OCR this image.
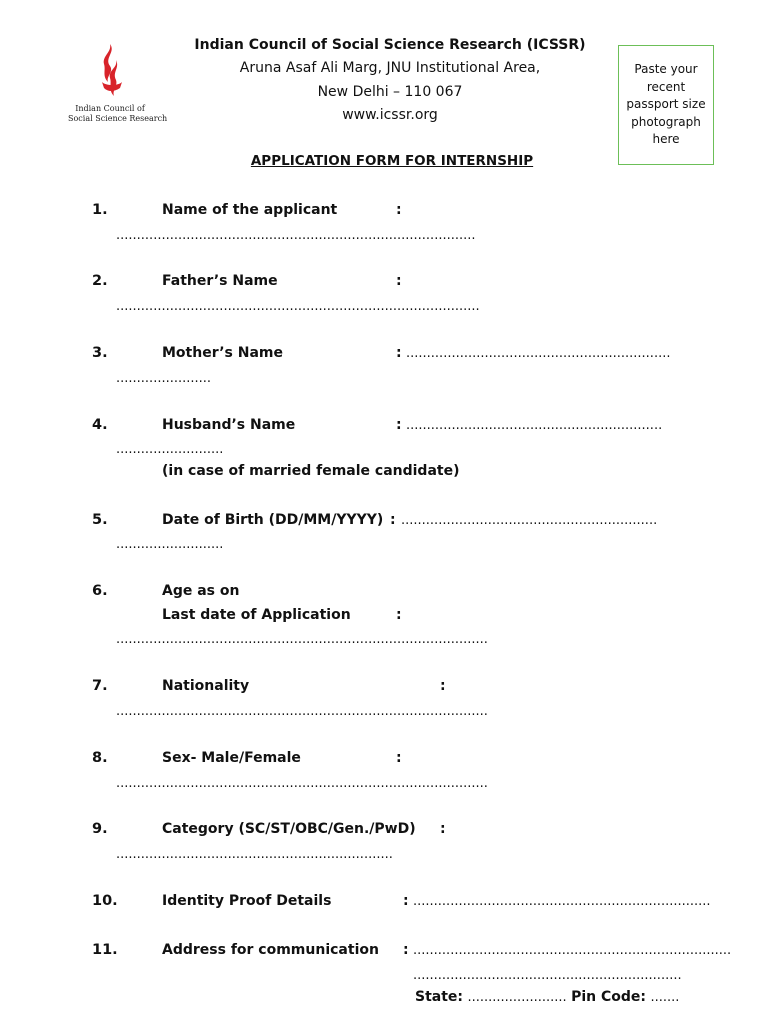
Indian Council of
Social Science Research
Indian Council of Social Science Research (ICSSR)
Aruna Asaf Ali Marg, JNU Institutional Area,
New Delhi – 110 067
www.icssr.org
Paste your recent passport size photograph here
APPLICATION FORM FOR INTERNSHIP
1.	Name of the applicant	:
.......................................................................................
2.	Father’s Name	:
........................................................................................
3.	Mother’s Name	: ................................................................
.......................
4.	Husband’s Name	: ..............................................................
..........................
(in case of married female candidate)
5.	Date of Birth (DD/MM/YYYY) : ..............................................................
..........................
6.	Age as on
Last date of Application	:
..........................................................................................
7.	Nationality	:
..........................................................................................
8.	Sex- Male/Female	:
..........................................................................................
9.	Category (SC/ST/OBC/Gen./PwD) :
...................................................................
10.	Identity Proof Details	: ........................................................................
11.	Address for communication : .............................................................................
.................................................................
State: ........................ Pin Code: .......
